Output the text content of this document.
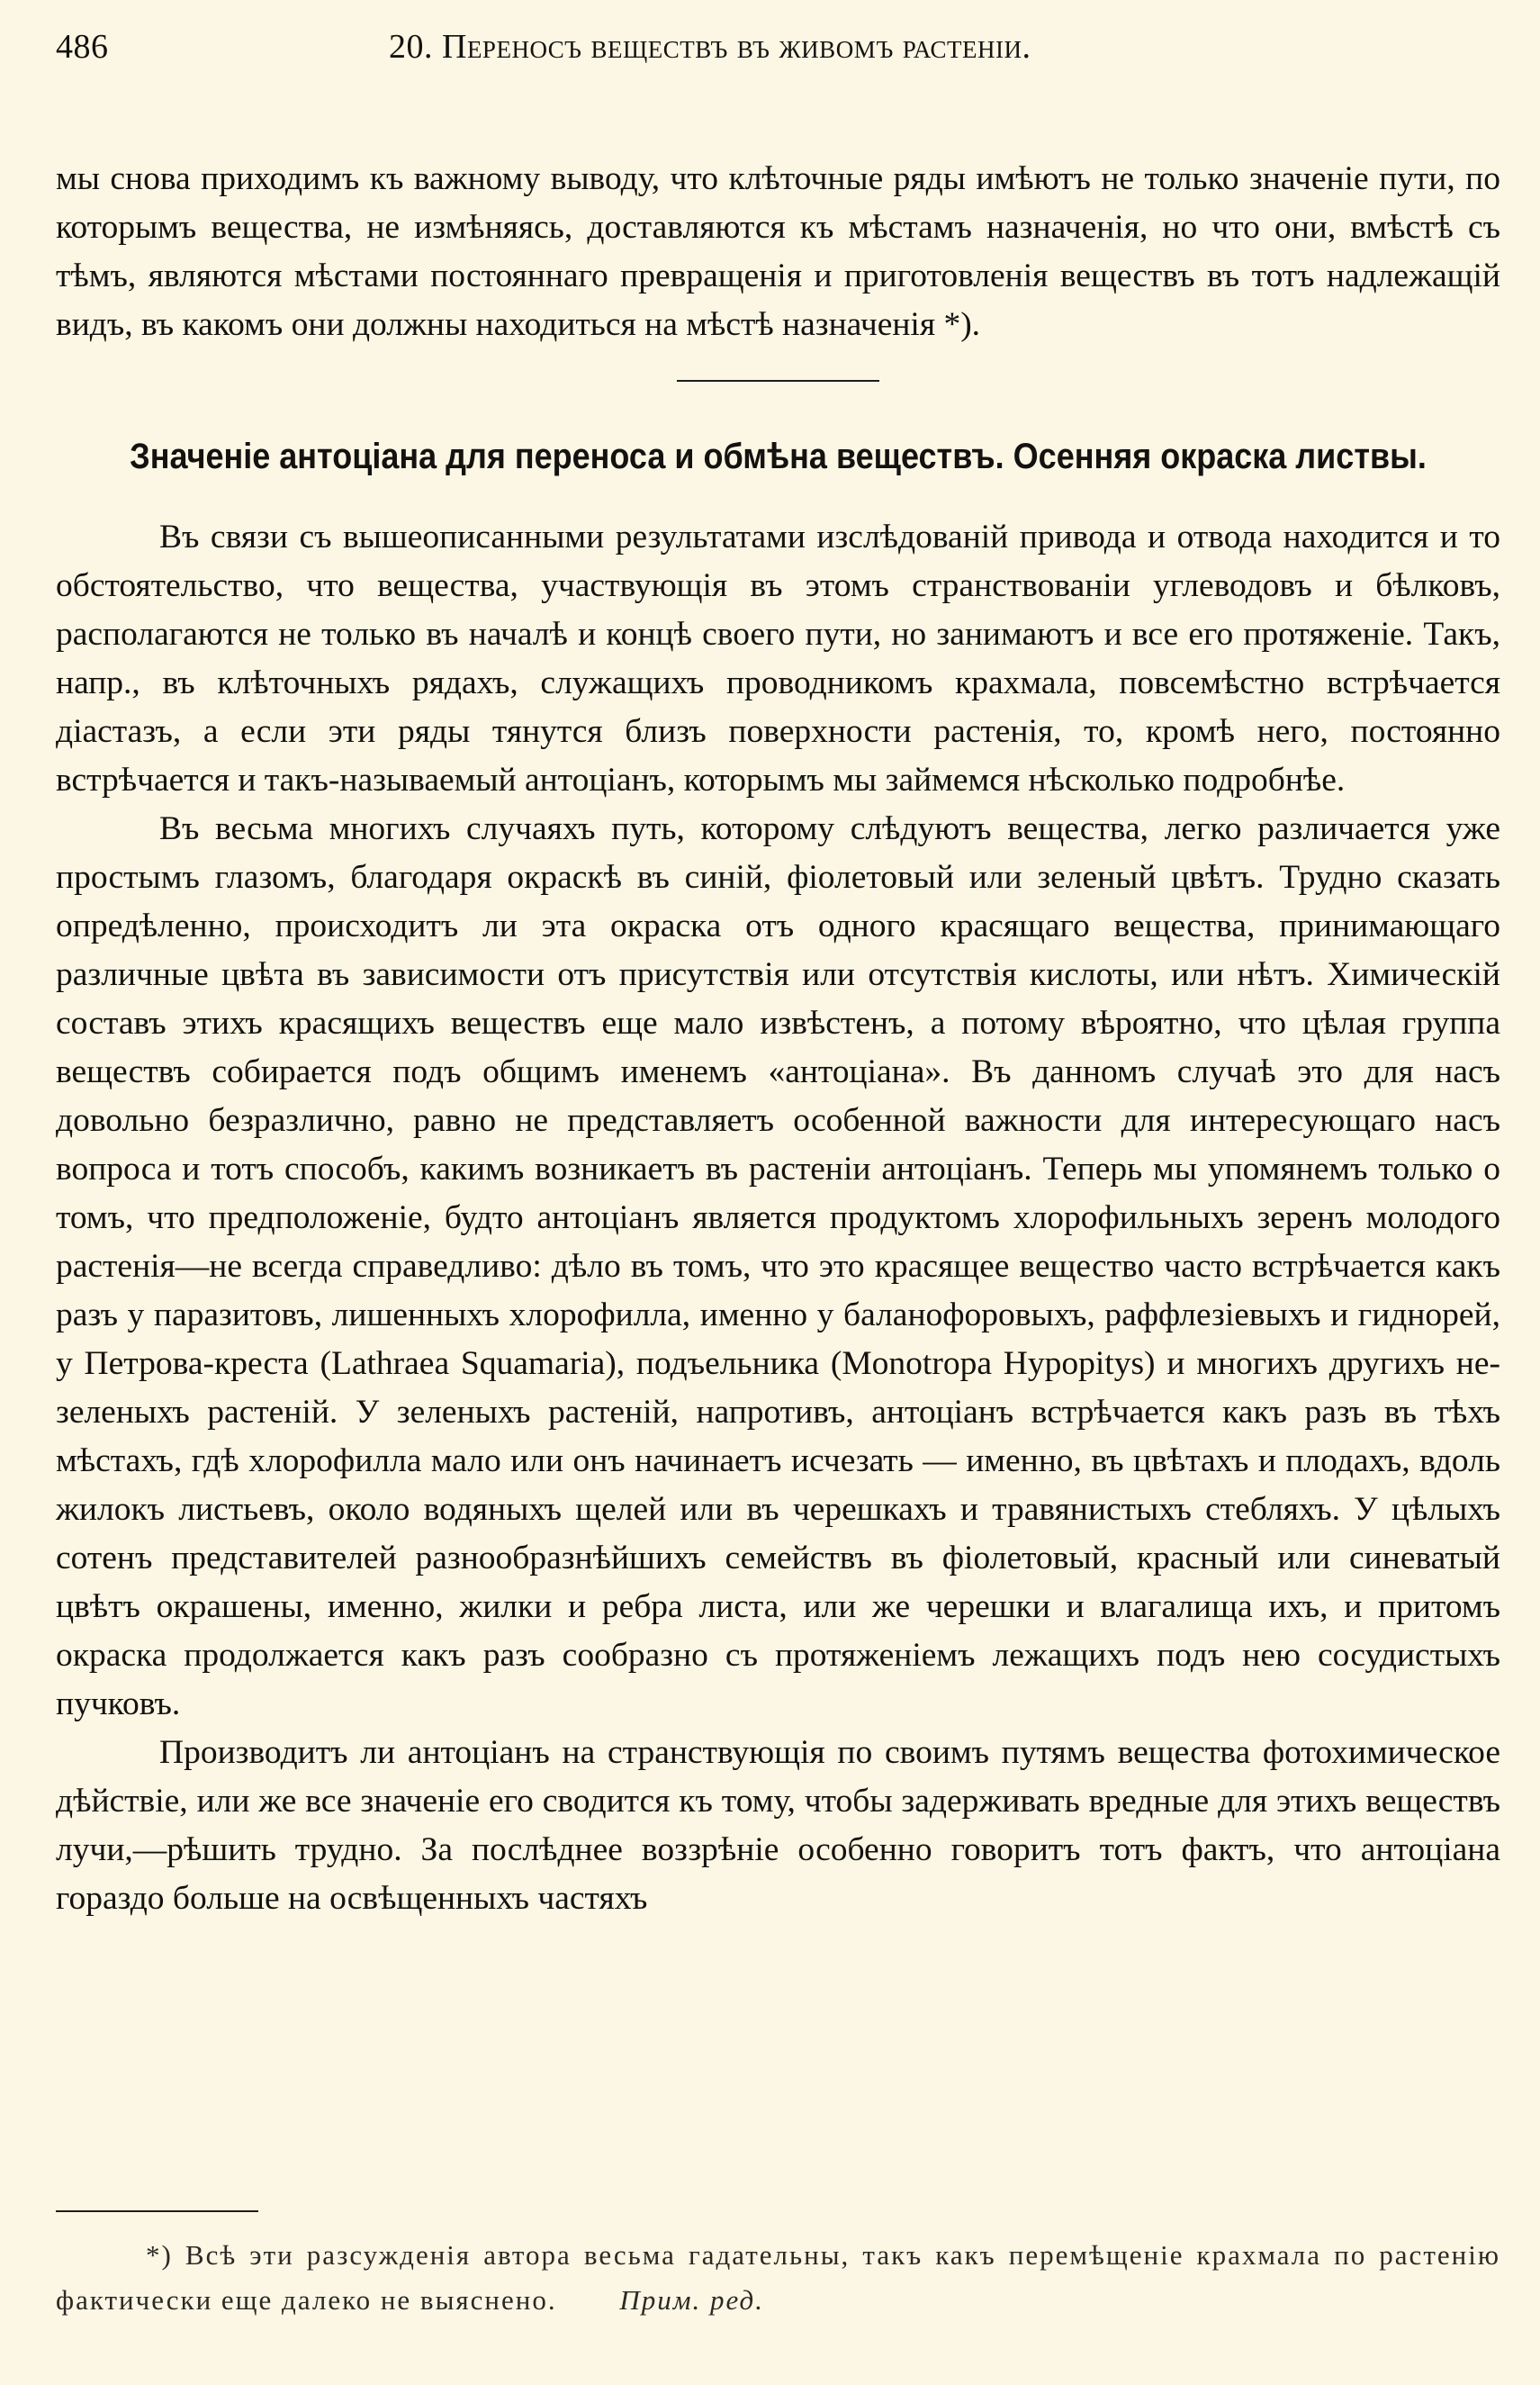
486	20. Переносъ веществъ въ живомъ растеніи.

мы снова приходимъ къ важному выводу, что клѣточные ряды имѣютъ не только значеніе пути, по которымъ вещества, не измѣняясь, доставляются къ мѣстамъ назначенія, но что они, вмѣстѣ съ тѣмъ, являются мѣстами постояннаго превращенія и приготовленія веществъ въ тотъ надлежащій видъ, въ какомъ они должны находиться на мѣстѣ назначенія *).

Значеніе антоціана для переноса и обмѣна веществъ. Осенняя окраска листвы.

Въ связи съ вышеописанными результатами изслѣдованій привода и отвода находится и то обстоятельство, что вещества, участвующія въ этомъ странствованіи углеводовъ и бѣлковъ, располагаются не только въ началѣ и концѣ своего пути, но занимаютъ и все его протяженіе. Такъ, напр., въ клѣточныхъ рядахъ, служащихъ проводникомъ крахмала, повсемѣстно встрѣчается діастазъ, а если эти ряды тянутся близъ поверхности растенія, то, кромѣ него, постоянно встрѣчается и такъ-называемый антоціанъ, которымъ мы займемся нѣсколько подробнѣе.

Въ весьма многихъ случаяхъ путь, которому слѣдуютъ вещества, легко различается уже простымъ глазомъ, благодаря окраскѣ въ синій, фіолетовый или зеленый цвѣтъ. Трудно сказать опредѣленно, происходитъ ли эта окраска отъ одного красящаго вещества, принимающаго различные цвѣта въ зависимости отъ присутствія или отсутствія кислоты, или нѣтъ. Химическій составъ этихъ красящихъ веществъ еще мало извѣстенъ, а потому вѣроятно, что цѣлая группа веществъ собирается подъ общимъ именемъ «антоціана». Въ данномъ случаѣ это для насъ довольно безразлично, равно не представляетъ особенной важности для интересующаго насъ вопроса и тотъ способъ, какимъ возникаетъ въ растеніи антоціанъ. Теперь мы упомянемъ только о томъ, что предположеніе, будто антоціанъ является продуктомъ хлорофильныхъ зеренъ молодого растенія—не всегда справедливо: дѣло въ томъ, что это красящее вещество часто встрѣчается какъ разъ у паразитовъ, лишенныхъ хлорофилла, именно у баланофоровыхъ, раффлезіевыхъ и гиднорей, у Петрова-креста (Lathraea Squamaria), подъельника (Monotropa Hypopitys) и многихъ другихъ не-зеленыхъ растеній. У зеленыхъ растеній, напротивъ, антоціанъ встрѣчается какъ разъ въ тѣхъ мѣстахъ, гдѣ хлорофилла мало или онъ начинаетъ исчезать — именно, въ цвѣтахъ и плодахъ, вдоль жилокъ листьевъ, около водяныхъ щелей или въ черешкахъ и травянистыхъ стебляхъ. У цѣлыхъ сотенъ представителей разнообразнѣйшихъ семействъ въ фіолетовый, красный или синеватый цвѣтъ окрашены, именно, жилки и ребра листа, или же черешки и влагалища ихъ, и притомъ окраска продолжается какъ разъ сообразно съ протяженіемъ лежащихъ подъ нею сосудистыхъ пучковъ.

Производитъ ли антоціанъ на странствующія по своимъ путямъ вещества фотохимическое дѣйствіе, или же все значеніе его сводится къ тому, чтобы задерживать вредные для этихъ веществъ лучи,—рѣшить трудно. За послѣднее воззрѣніе особенно говоритъ тотъ фактъ, что антоціана гораздо больше на освѣщенныхъ частяхъ

*) Всѣ эти разсужденія автора весьма гадательны, такъ какъ перемѣщеніе крахмала по растенію фактически еще далеко не выяснено. Прим. ред.
